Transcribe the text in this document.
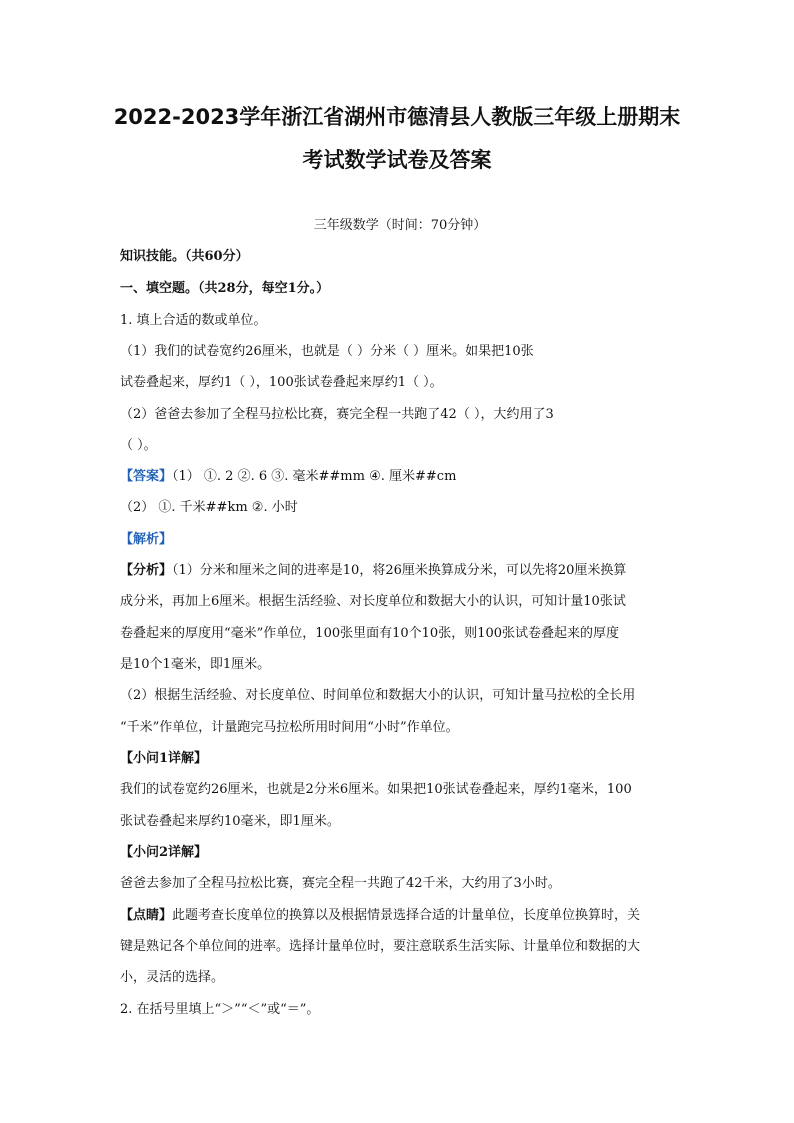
2022-2023学年浙江省湖州市德清县人教版三年级上册期末
考试数学试卷及答案
三年级数学（时间：70分钟）
知识技能。（共60分）
一、填空题。（共28分，每空1分。）
1. 填上合适的数或单位。
（1）我们的试卷宽约26厘米，也就是（ ）分米（ ）厘米。如果把10张
试卷叠起来，厚约1（ ），100张试卷叠起来厚约1（ ）。
（2）爸爸去参加了全程马拉松比赛，赛完全程一共跑了42（ ），大约用了3
（ ）。
【答案】（1） ①. 2 ②. 6 ③. 毫米##mm ④. 厘米##cm
（2） ①. 千米##km ②. 小时
【解析】
【分析】（1）分米和厘米之间的进率是10，将26厘米换算成分米，可以先将20厘米换算
成分米，再加上6厘米。根据生活经验、对长度单位和数据大小的认识，可知计量10张试
卷叠起来的厚度用“毫米”作单位，100张里面有10个10张，则100张试卷叠起来的厚度
是10个1毫米，即1厘米。
（2）根据生活经验、对长度单位、时间单位和数据大小的认识，可知计量马拉松的全长用
“千米”作单位，计量跑完马拉松所用时间用“小时”作单位。
【小问1详解】
我们的试卷宽约26厘米，也就是2分米6厘米。如果把10张试卷叠起来，厚约1毫米，100
张试卷叠起来厚约10毫米，即1厘米。
【小问2详解】
爸爸去参加了全程马拉松比赛，赛完全程一共跑了42千米，大约用了3小时。
【点睛】此题考查长度单位的换算以及根据情景选择合适的计量单位，长度单位换算时，关
键是熟记各个单位间的进率。选择计量单位时，要注意联系生活实际、计量单位和数据的大
小，灵活的选择。
2. 在括号里填上“＞”“＜”或“＝”。
